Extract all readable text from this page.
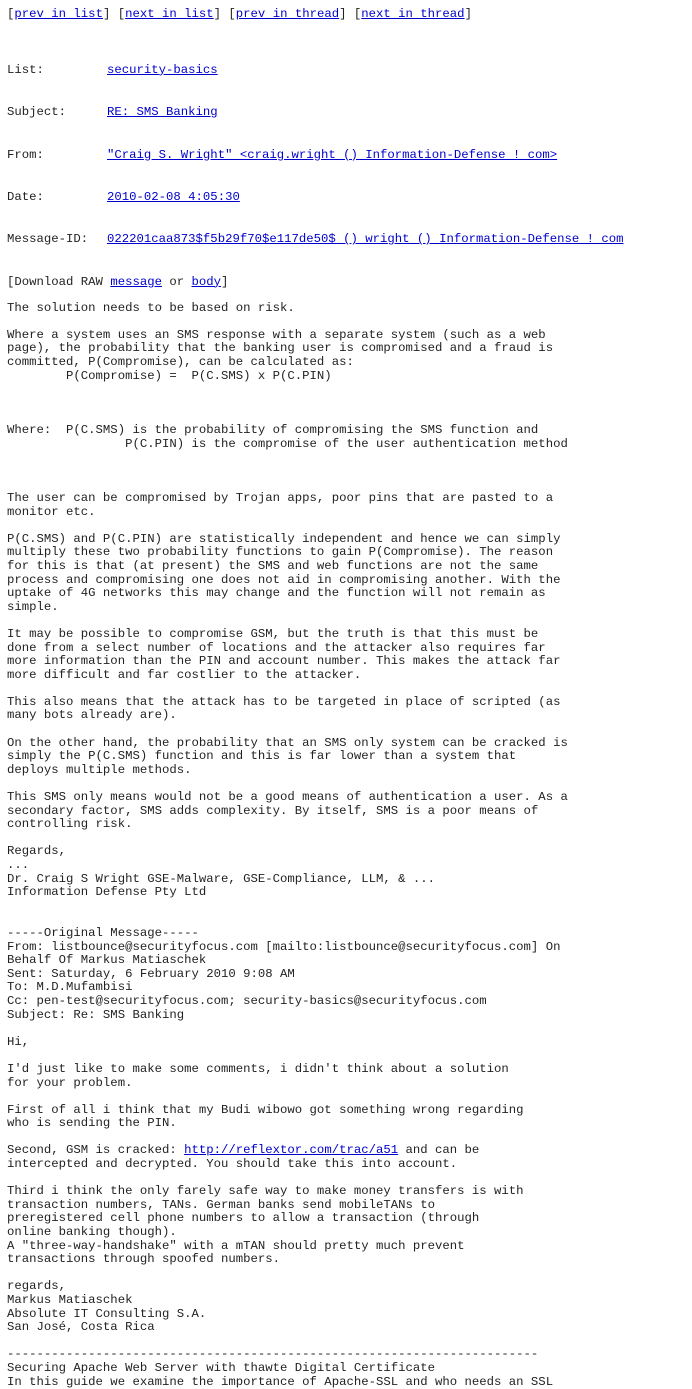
[prev in list] [next in list] [prev in thread] [next in thread]

List:	security-basics

Subject:	RE: SMS Banking

From:	"Craig S. Wright" <craig.wright () Information-Defense ! com>

Date:	2010-02-08 4:05:30

Message-ID: 022201caa873$f5b29f70$e117de50$ () wright () Information-Defense ! com

[Download RAW message or body]
The solution needs to be based on risk.

Where a system uses an SMS response with a separate system (such as a web
page), the probability that the banking user is compromised and a fraud is
committed, P(Compromise), can be calculated as:
P(Compromise) =  P(C.SMS) x P(C.PIN)

Where:  P(C.SMS) is the probability of compromising the SMS function and
P(C.PIN) is the compromise of the user authentication method

The user can be compromised by Trojan apps, poor pins that are pasted to a
monitor etc.

P(C.SMS) and P(C.PIN) are statistically independent and hence we can simply
multiply these two probability functions to gain P(Compromise). The reason
for this is that (at present) the SMS and web functions are not the same
process and compromising one does not aid in compromising another. With the
uptake of 4G networks this may change and the function will not remain as
simple.

It may be possible to compromise GSM, but the truth is that this must be
done from a select number of locations and the attacker also requires far
more information than the PIN and account number. This makes the attack far
more difficult and far costlier to the attacker.

This also means that the attack has to be targeted in place of scripted (as
many bots already are).

On the other hand, the probability that an SMS only system can be cracked is
simply the P(C.SMS) function and this is far lower than a system that
deploys multiple methods.

This SMS only means would not be a good means of authentication a user. As a
secondary factor, SMS adds complexity. By itself, SMS is a poor means of
controlling risk.

Regards,
...
Dr. Craig S Wright GSE-Malware, GSE-Compliance, LLM, & ...
Information Defense Pty Ltd

-----Original Message-----
From: listbounce@securityfocus.com [mailto:listbounce@securityfocus.com] On
Behalf Of Markus Matiaschek
Sent: Saturday, 6 February 2010 9:08 AM
To: M.D.Mufambisi
Cc: pen-test@securityfocus.com; security-basics@securityfocus.com
Subject: Re: SMS Banking

Hi,

I'd just like to make some comments, i didn't think about a solution
for your problem.

First of all i think that my Budi wibowo got something wrong regarding
who is sending the PIN.

Second, GSM is cracked: http://reflextor.com/trac/a51 and can be
intercepted and decrypted. You should take this into account.

Third i think the only farely safe way to make money transfers is with
transaction numbers, TANs. German banks send mobileTANs to
preregistered cell phone numbers to allow a transaction (through
online banking though).
A "three-way-handshake" with a mTAN should pretty much prevent
transactions through spoofed numbers.

regards,
Markus Matiaschek
Absolute IT Consulting S.A.
San José, Costa Rica

------------------------------------------------------------------------
Securing Apache Web Server with thawte Digital Certificate
In this guide we examine the importance of Apache-SSL and who needs an SSL
